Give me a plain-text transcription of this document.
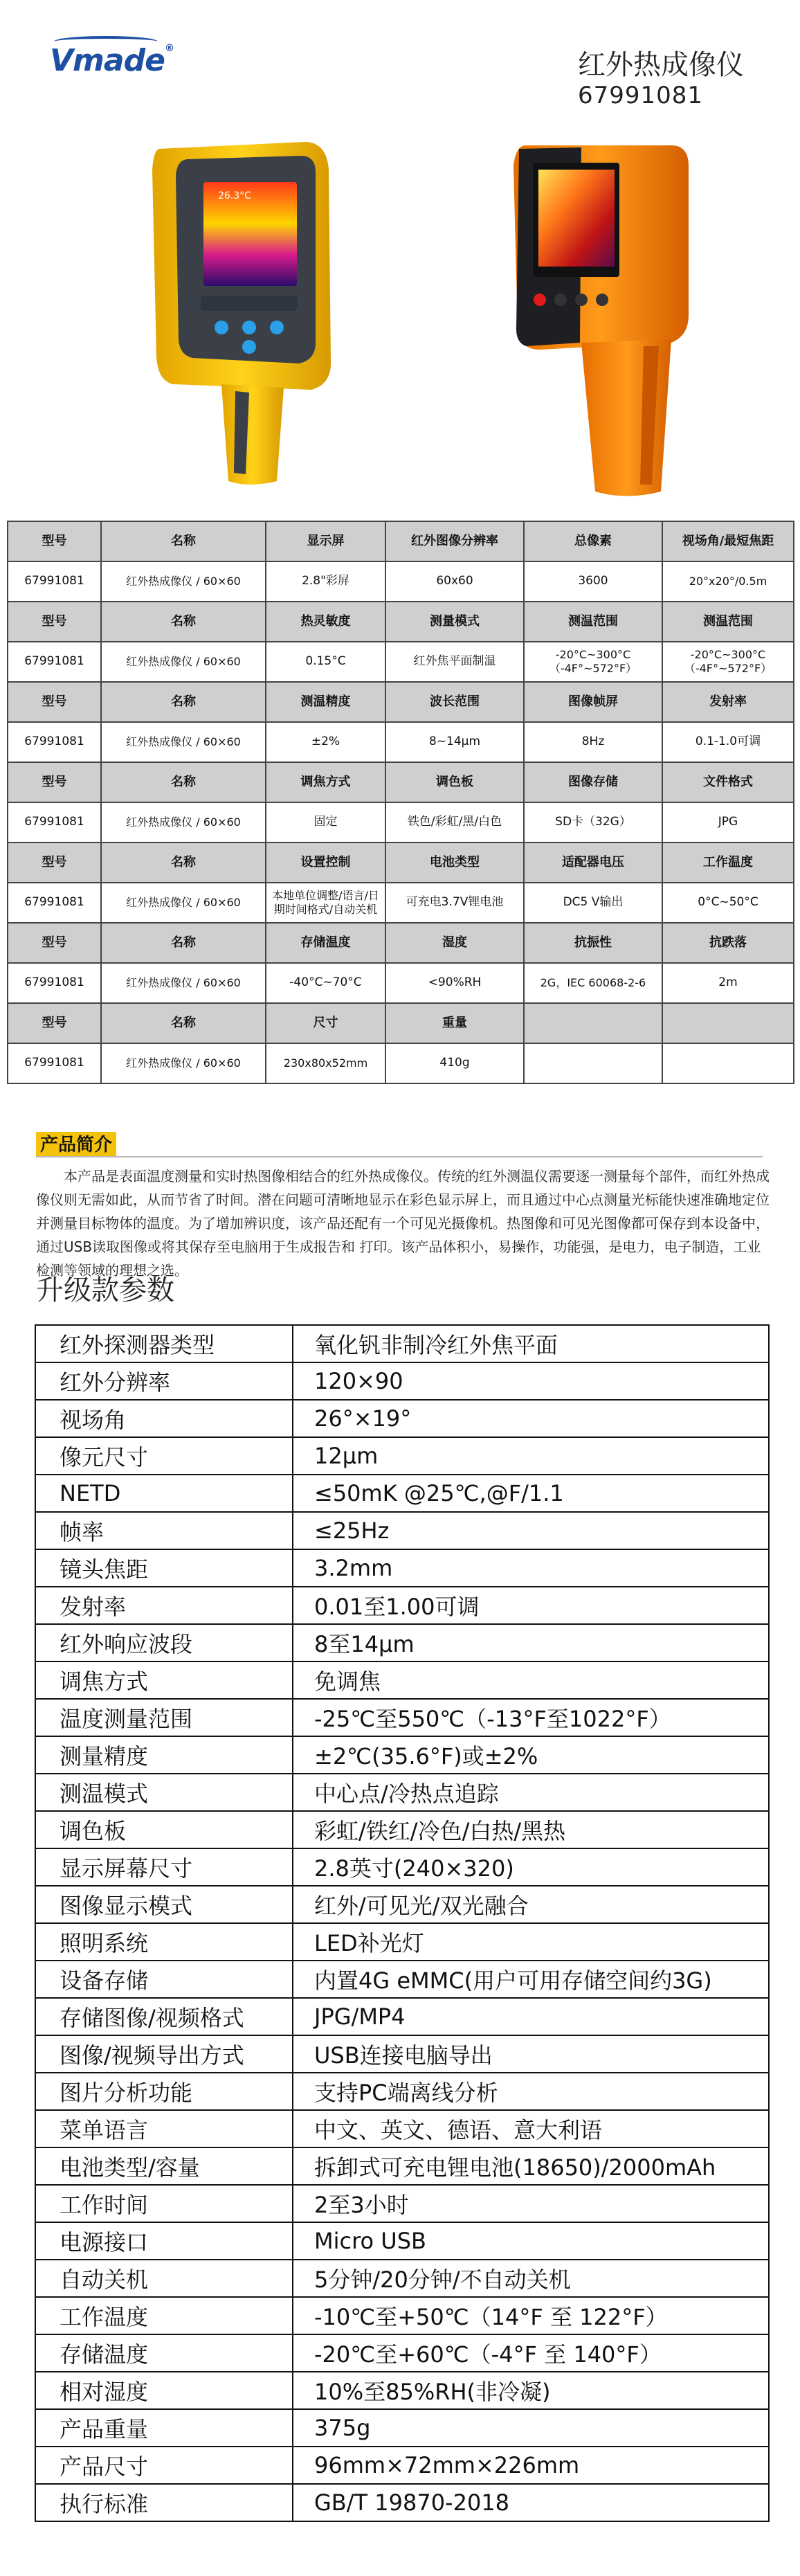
Vmade®
红外热成像仪
67991081
26.3°C
型号	名称	显示屏	红外图像分辨率	总像素	视场角/最短焦距
67991081	红外热成像仪 / 60×60	2.8"彩屏	60x60	3600	20°x20°/0.5m
型号	名称	热灵敏度	测量模式	测温范围	测温范围
67991081	红外热成像仪 / 60×60	0.15°C	红外焦平面制温	-20°C~300°C（-4F°~572°F）	-20°C~300°C（-4F°~572°F）
型号	名称	测温精度	波长范围	图像帧屏	发射率
67991081	红外热成像仪 / 60×60	±2%	8~14μm	8Hz	0.1-1.0可调
型号	名称	调焦方式	调色板	图像存储	文件格式
67991081	红外热成像仪 / 60×60	固定	铁色/彩虹/黑/白色	SD卡（32G）	JPG
型号	名称	设置控制	电池类型	适配器电压	工作温度
67991081	红外热成像仪 / 60×60	本地单位调整/语言/日期时间格式/自动关机	可充电3.7V锂电池	DC5 V输出	0°C~50°C
型号	名称	存储温度	湿度	抗振性	抗跌落
67991081	红外热成像仪 / 60×60	-40°C~70°C	<90%RH	2G，IEC 60068-2-6	2m
型号	名称	尺寸	重量		
67991081	红外热成像仪 / 60×60	230x80x52mm	410g		
产品简介

本产品是表面温度测量和实时热图像相结合的红外热成像仪。传统的红外测温仪需要逐一测量每个部件，而红外热成像仪则无需如此，从而节省了时间。潜在问题可清晰地显示在彩色显示屏上，而且通过中心点测量光标能快速准确地定位并测量目标物体的温度。为了增加辨识度，该产品还配有一个可见光摄像机。热图像和可见光图像都可保存到本设备中，通过USB读取图像或将其保存至电脑用于生成报告和 打印。该产品体积小，易操作，功能强，是电力，电子制造，工业检测等领域的理想之选。

升级款参数
红外探测器类型	氧化钒非制冷红外焦平面
红外分辨率	120×90
视场角	26°×19°
像元尺寸	12μm
NETD	≤50mK @25℃,@F/1.1
帧率	≤25Hz
镜头焦距	3.2mm
发射率	0.01至1.00可调
红外响应波段	8至14μm
调焦方式	免调焦
温度测量范围	-25℃至550℃（-13°F至1022°F）
测量精度	±2℃(35.6°F)或±2%
测温模式	中心点/冷热点追踪
调色板	彩虹/铁红/冷色/白热/黑热
显示屏幕尺寸	2.8英寸(240×320)
图像显示模式	红外/可见光/双光融合
照明系统	LED补光灯
设备存储	内置4G eMMC(用户可用存储空间约3G)
存储图像/视频格式	JPG/MP4
图像/视频导出方式	USB连接电脑导出
图片分析功能	支持PC端离线分析
菜单语言	中文、英文、德语、意大利语
电池类型/容量	拆卸式可充电锂电池(18650)/2000mAh
工作时间	2至3小时
电源接口	Micro USB
自动关机	5分钟/20分钟/不自动关机
工作温度	-10℃至+50℃（14°F 至 122°F）
存储温度	-20℃至+60℃（-4°F 至 140°F）
相对湿度	10%至85%RH(非冷凝)
产品重量	375g
产品尺寸	96mm×72mm×226mm
执行标准	GB/T 19870-2018
